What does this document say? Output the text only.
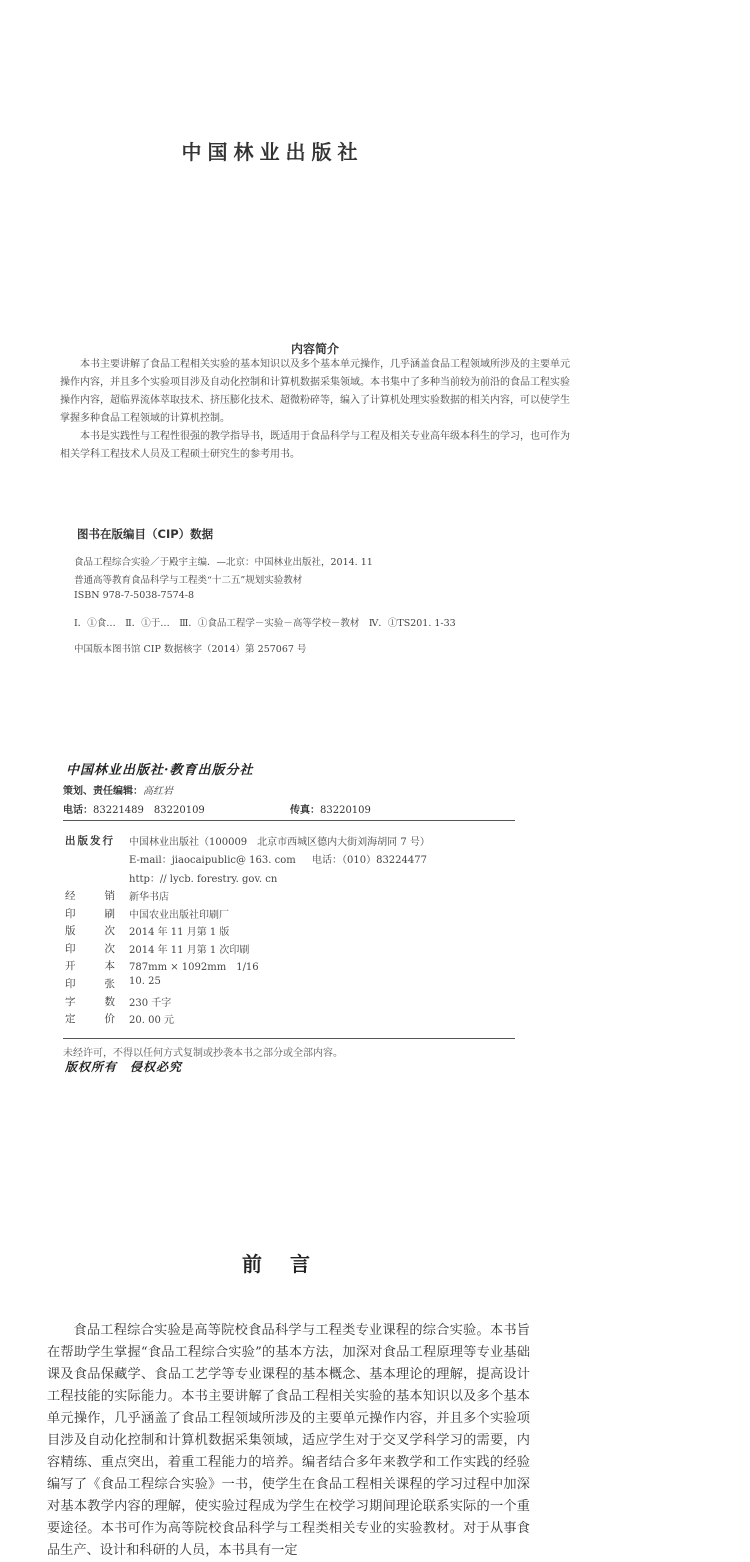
中国林业出版社
内容简介

本书主要讲解了食品工程相关实验的基本知识以及多个基本单元操作，几乎涵盖食品工程领域所涉及的主要单元操作内容，并且多个实验项目涉及自动化控制和计算机数据采集领域。本书集中了多种当前较为前沿的食品工程实验操作内容，超临界流体萃取技术、挤压膨化技术、超微粉碎等，编入了计算机处理实验数据的相关内容，可以使学生掌握多种食品工程领域的计算机控制。

本书是实践性与工程性很强的教学指导书，既适用于食品科学与工程及相关专业高年级本科生的学习，也可作为相关学科工程技术人员及工程硕士研究生的参考用书。

图书在版编目（CIP）数据
食品工程综合实验／于殿宇主编．—北京：中国林业出版社，2014. 11
普通高等教育食品科学与工程类“十二五”规划实验教材
ISBN 978-7-5038-7574-8
Ⅰ．①食…　Ⅱ．①于…　Ⅲ．①食品工程学－实验－高等学校－教材　Ⅳ．①TS201. 1-33
中国版本图书馆 CIP 数据核字（2014）第 257067 号
中国林业出版社·教育出版分社
策划、责任编辑：高红岩
电话：83221489　83220109	传真：83220109
出版发行 中国林业出版社（100009　北京市西城区德内大街刘海胡同 7 号）
E-mail：jiaocaipublic@ 163. com 电话：（010）83224477
http：// lycb. forestry. gov. cn
经销 新华书店
印刷 中国农业出版社印刷厂
版次 2014 年 11 月第 1 版
印次 2014 年 11 月第 1 次印刷
开本 787mm × 1092mm　1/16
印张 10. 25
字数 230 千字
定价 20. 00 元
未经许可，不得以任何方式复制或抄袭本书之部分或全部内容。
版权所有　侵权必究
前言

食品工程综合实验是高等院校食品科学与工程类专业课程的综合实验。本书旨在帮助学生掌握“食品工程综合实验”的基本方法，加深对食品工程原理等专业基础课及食品保藏学、食品工艺学等专业课程的基本概念、基本理论的理解，提高设计工程技能的实际能力。本书主要讲解了食品工程相关实验的基本知识以及多个基本单元操作，几乎涵盖了食品工程领域所涉及的主要单元操作内容，并且多个实验项目涉及自动化控制和计算机数据采集领域，适应学生对于交叉学科学习的需要，内容精练、重点突出，着重工程能力的培养。编者结合多年来教学和工作实践的经验编写了《食品工程综合实验》一书，使学生在食品工程相关课程的学习过程中加深对基本教学内容的理解，使实验过程成为学生在校学习期间理论联系实际的一个重要途径。本书可作为高等院校食品科学与工程类相关专业的实验教材。对于从事食品生产、设计和科研的人员，本书具有一定
